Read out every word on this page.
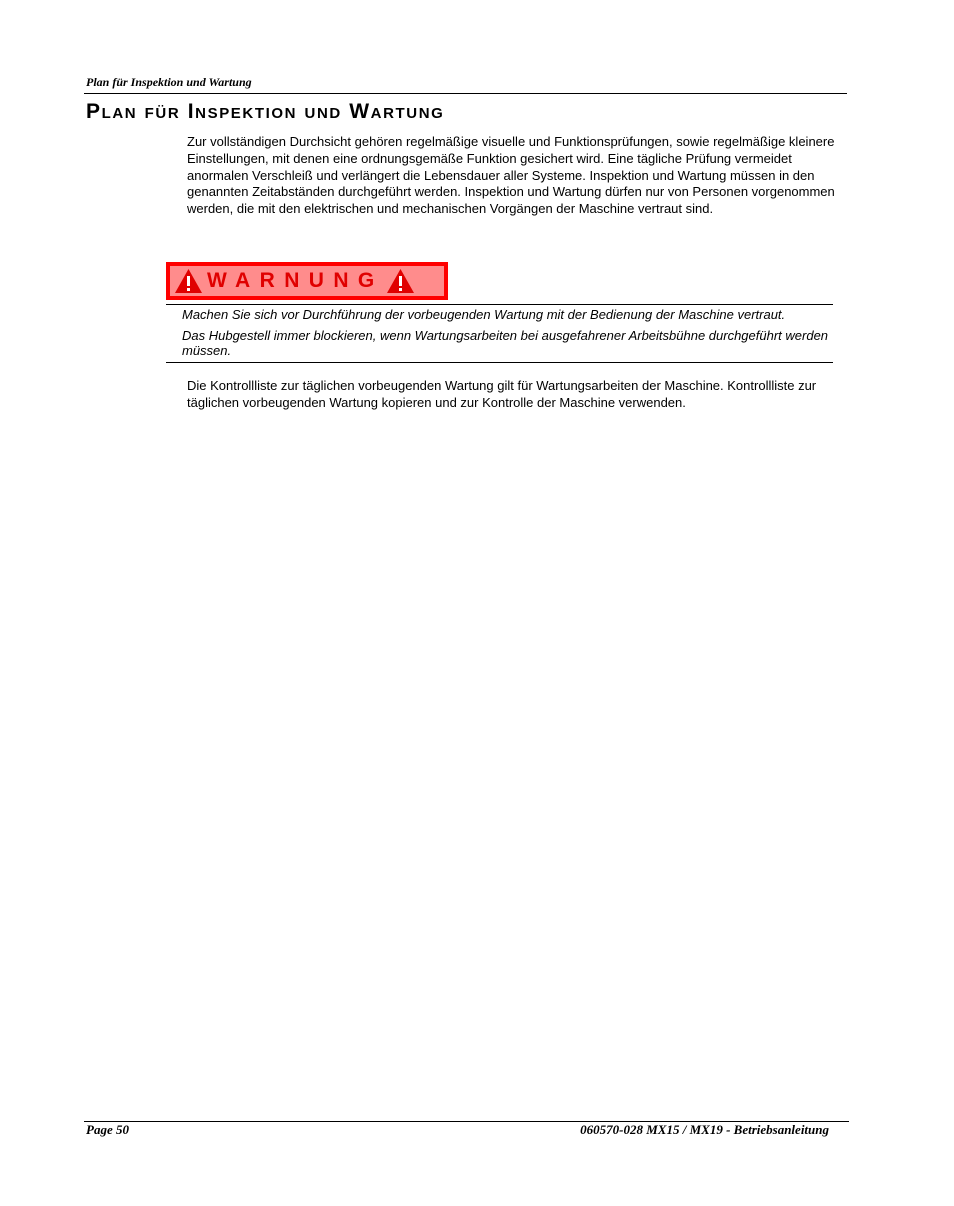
Plan für Inspektion und Wartung
Plan für Inspektion und Wartung
Zur vollständigen Durchsicht gehören regelmäßige visuelle und Funktionsprüfungen, sowie regelmäßige kleinere Einstellungen, mit denen eine ordnungsgemäße Funktion gesichert wird. Eine tägliche Prüfung vermeidet anormalen Verschleiß und verlängert die Lebensdauer aller Systeme. Inspektion und Wartung müssen in den genannten Zeitabständen durchgeführt werden. Inspektion und Wartung dürfen nur von Personen vorgenommen werden, die mit den elektrischen und mechanischen Vorgängen der Maschine vertraut sind.
WARNUNG
Machen Sie sich vor Durchführung der vorbeugenden Wartung mit der Bedienung der Maschine vertraut.
Das Hubgestell immer blockieren, wenn Wartungsarbeiten bei ausgefahrener Arbeitsbühne durchgeführt werden müssen.
Die Kontrollliste zur täglichen vorbeugenden Wartung gilt für Wartungsarbeiten der Maschine. Kontrollliste zur täglichen vorbeugenden Wartung kopieren und zur Kontrolle der Maschine verwenden.
Page 50	060570-028 MX15 / MX19 - Betriebsanleitung
